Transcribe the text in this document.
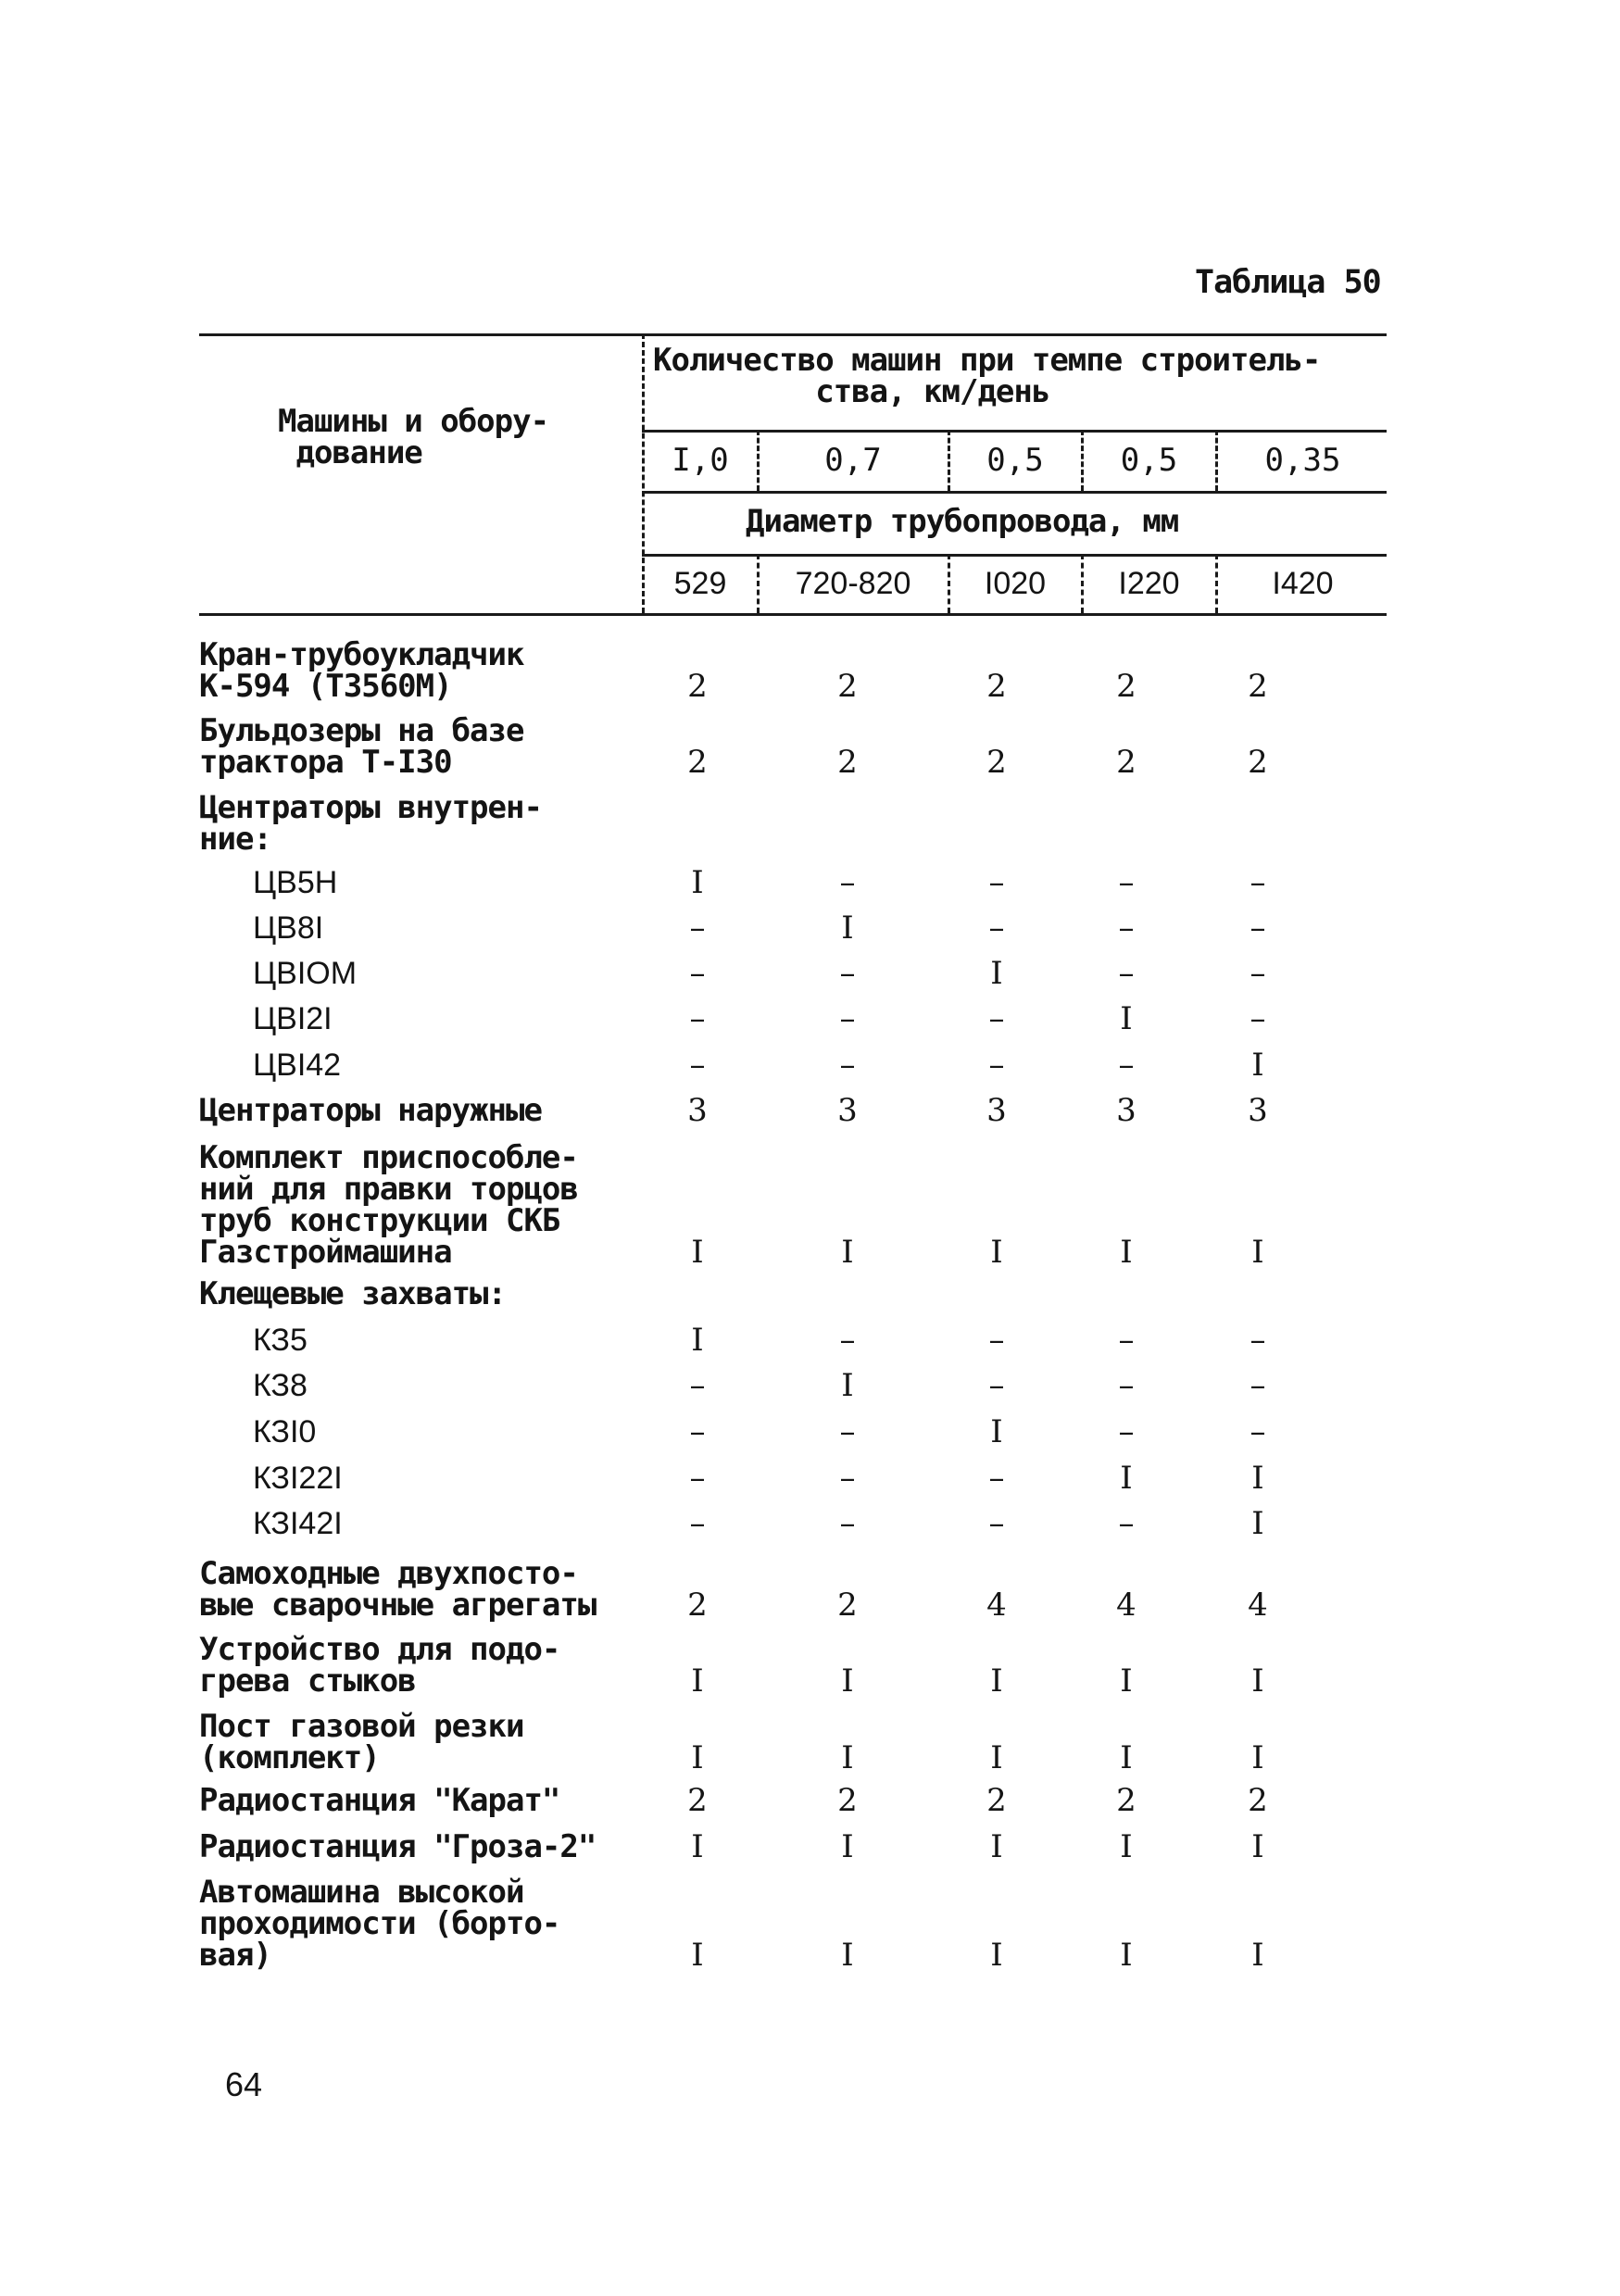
Таблица 50
Машины и обору-
дование
Количество машин при темпе строитель-
ства, км/день
I,0	0,7	0,5	0,5	0,35
Диаметр трубопровода, мм
529	720-820	I020	I220	I420
Кран-трубоукладчик
К-594 (Т3560М)	2	2	2	2	2
Бульдозеры на базе
трактора Т-I30	2	2	2	2	2
Центраторы внутрен-
ние:
ЦВ5Н	I	–	–	–	–
ЦВ8I	–	I	–	–	–
ЦВIОМ	–	–	I	–	–
ЦВI2I	–	–	–	I	–
ЦВI42	–	–	–	–	I
Центраторы наружные	3	3	3	3	3
Комплект приспособле-
ний для правки торцов
труб конструкции СКБ
Газстроймашина	I	I	I	I	I
Клещевые захваты:
КЗ5	I	–	–	–	–
КЗ8	–	I	–	–	–
КЗI0	–	–	I	–	–
КЗI22I	–	–	–	I	I
КЗI42I	–	–	–	–	I
Самоходные двухпосто-
вые сварочные агрегаты	2	2	4	4	4
Устройство для подо-
грева стыков	I	I	I	I	I
Пост газовой резки
(комплект)	I	I	I	I	I
Радиостанция "Карат"	2	2	2	2	2
Радиостанция "Гроза-2"	I	I	I	I	I
Автомашина высокой
проходимости (борто-
вая)	I	I	I	I	I
64
